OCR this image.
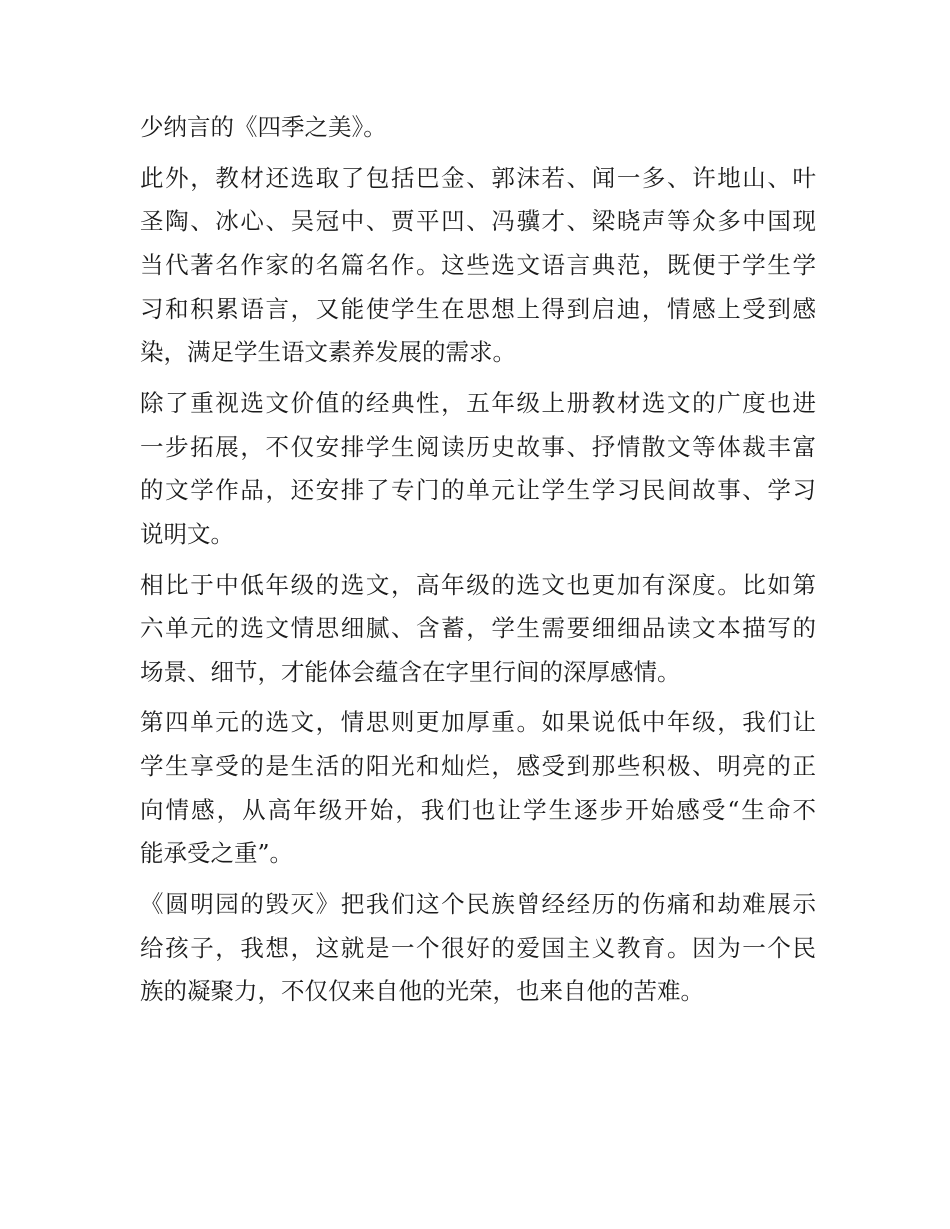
少纳言的《四季之美》。
此外，教材还选取了包括巴金、郭沫若、闻一多、许地山、叶
圣陶、冰心、吴冠中、贾平凹、冯骥才、梁晓声等众多中国现
当代著名作家的名篇名作。这些选文语言典范，既便于学生学
习和积累语言，又能使学生在思想上得到启迪，情感上受到感
染，满足学生语文素养发展的需求。
除了重视选文价值的经典性，五年级上册教材选文的广度也进
一步拓展，不仅安排学生阅读历史故事、抒情散文等体裁丰富
的文学作品，还安排了专门的单元让学生学习民间故事、学习
说明文。
相比于中低年级的选文，高年级的选文也更加有深度。比如第
六单元的选文情思细腻、含蓄，学生需要细细品读文本描写的
场景、细节，才能体会蕴含在字里行间的深厚感情。
第四单元的选文，情思则更加厚重。如果说低中年级，我们让
学生享受的是生活的阳光和灿烂，感受到那些积极、明亮的正
向情感，从高年级开始，我们也让学生逐步开始感受“生命不
能承受之重”。
《圆明园的毁灭》把我们这个民族曾经经历的伤痛和劫难展示
给孩子，我想，这就是一个很好的爱国主义教育。因为一个民
族的凝聚力，不仅仅来自他的光荣，也来自他的苦难。
